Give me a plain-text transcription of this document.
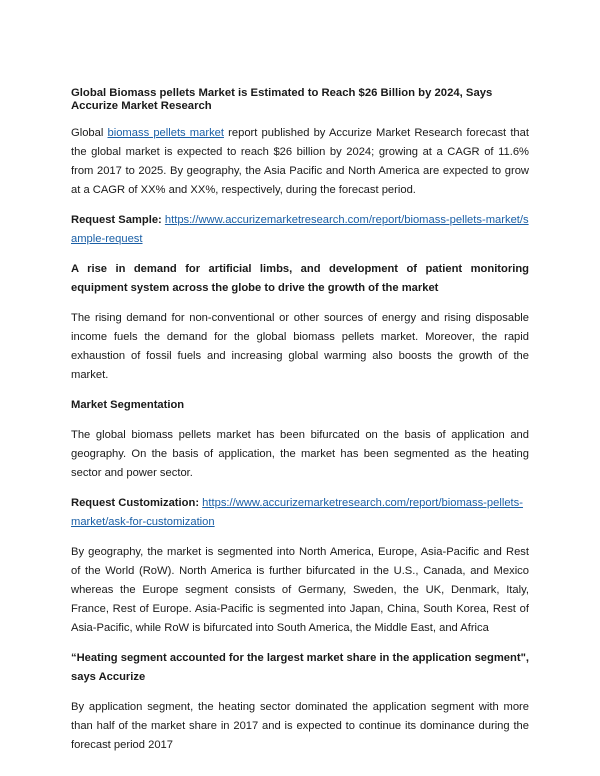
Global Biomass pellets Market is Estimated to Reach $26 Billion by 2024, Says Accurize Market Research

Global biomass pellets market report published by Accurize Market Research forecast that the global market is expected to reach $26 billion by 2024; growing at a CAGR of 11.6% from 2017 to 2025. By geography, the Asia Pacific and North America are expected to grow at a CAGR of XX% and XX%, respectively, during the forecast period.

Request Sample: https://www.accurizemarketresearch.com/report/biomass-pellets-market/sample-request

A rise in demand for artificial limbs, and development of patient monitoring equipment system across the globe to drive the growth of the market

The rising demand for non-conventional or other sources of energy and rising disposable income fuels the demand for the global biomass pellets market. Moreover, the rapid exhaustion of fossil fuels and increasing global warming also boosts the growth of the market.

Market Segmentation

The global biomass pellets market has been bifurcated on the basis of application and geography. On the basis of application, the market has been segmented as the heating sector and power sector.

Request Customization: https://www.accurizemarketresearch.com/report/biomass-pellets-market/ask-for-customization

By geography, the market is segmented into North America, Europe, Asia-Pacific and Rest of the World (RoW). North America is further bifurcated in the U.S., Canada, and Mexico whereas the Europe segment consists of Germany, Sweden, the UK, Denmark, Italy, France, Rest of Europe. Asia-Pacific is segmented into Japan, China, South Korea, Rest of Asia-Pacific, while RoW is bifurcated into South America, the Middle East, and Africa

“Heating segment accounted for the largest market share in the application segment", says Accurize

By application segment, the heating sector dominated the application segment with more than half of the market share in 2017 and is expected to continue its dominance during the forecast period 2017
